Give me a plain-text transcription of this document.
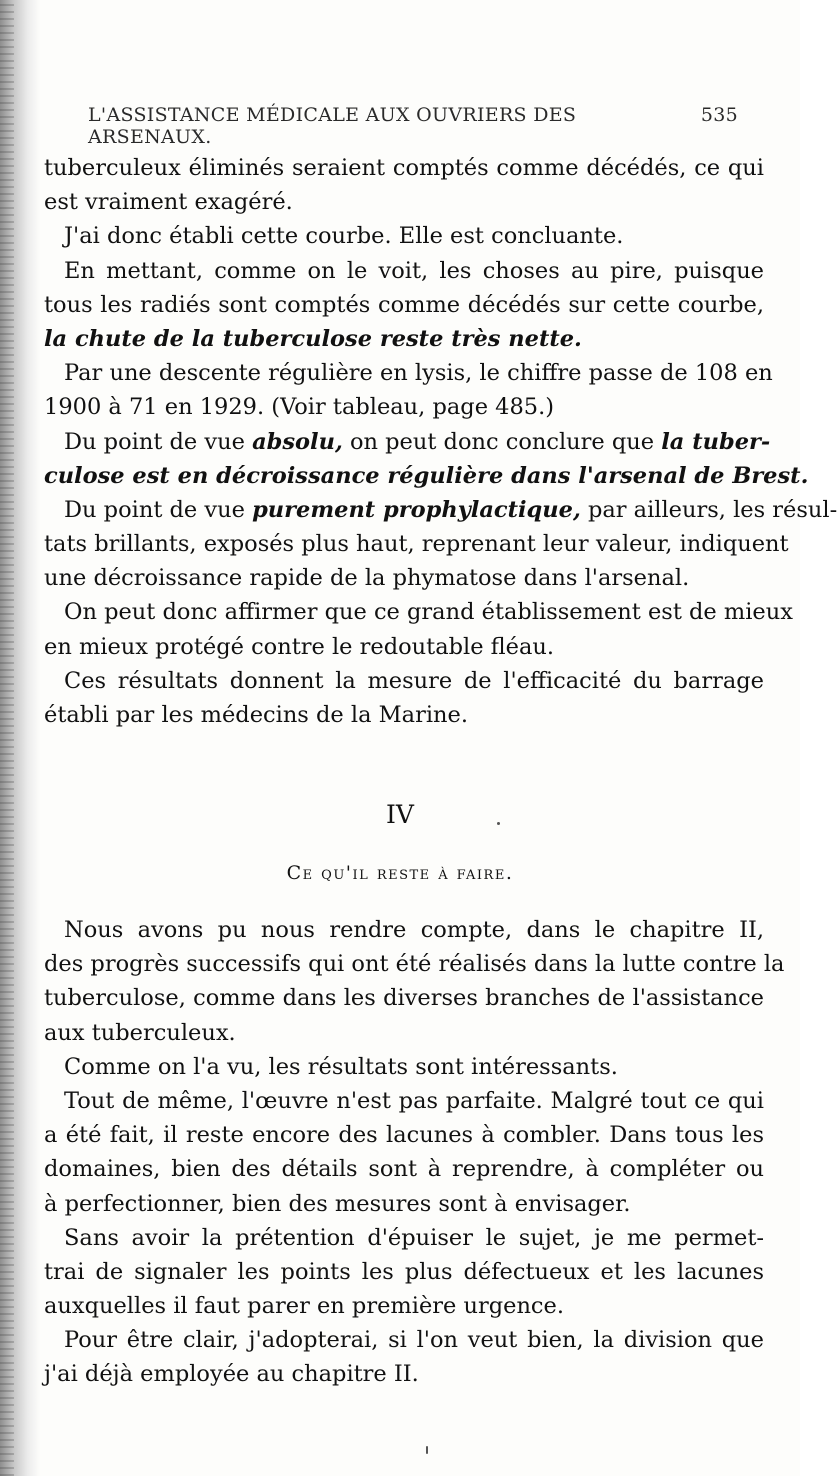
L'ASSISTANCE MÉDICALE AUX OUVRIERS DES ARSENAUX.
535
tuberculeux éliminés seraient comptés comme décédés, ce qui
est vraiment exagéré.
J'ai donc établi cette courbe. Elle est concluante.
En mettant, comme on le voit, les choses au pire, puisque
tous les radiés sont comptés comme décédés sur cette courbe,
la chute de la tuberculose reste très nette.
Par une descente régulière en lysis, le chiffre passe de 108 en
1900 à 71 en 1929. (Voir tableau, page 485.)
Du point de vue absolu, on peut donc conclure que la tuber-
culose est en décroissance régulière dans l'arsenal de Brest.
Du point de vue purement prophylactique, par ailleurs, les résul-
tats brillants, exposés plus haut, reprenant leur valeur, indiquent
une décroissance rapide de la phymatose dans l'arsenal.
On peut donc affirmer que ce grand établissement est de mieux
en mieux protégé contre le redoutable fléau.
Ces résultats donnent la mesure de l'efficacité du barrage
établi par les médecins de la Marine.
IV
Ce qu'il reste à faire.
Nous avons pu nous rendre compte, dans le chapitre II,
des progrès successifs qui ont été réalisés dans la lutte contre la
tuberculose, comme dans les diverses branches de l'assistance
aux tuberculeux.
Comme on l'a vu, les résultats sont intéressants.
Tout de même, l'œuvre n'est pas parfaite. Malgré tout ce qui
a été fait, il reste encore des lacunes à combler. Dans tous les
domaines, bien des détails sont à reprendre, à compléter ou
à perfectionner, bien des mesures sont à envisager.
Sans avoir la prétention d'épuiser le sujet, je me permet-
trai de signaler les points les plus défectueux et les lacunes
auxquelles il faut parer en première urgence.
Pour être clair, j'adopterai, si l'on veut bien, la division que
j'ai déjà employée au chapitre II.
